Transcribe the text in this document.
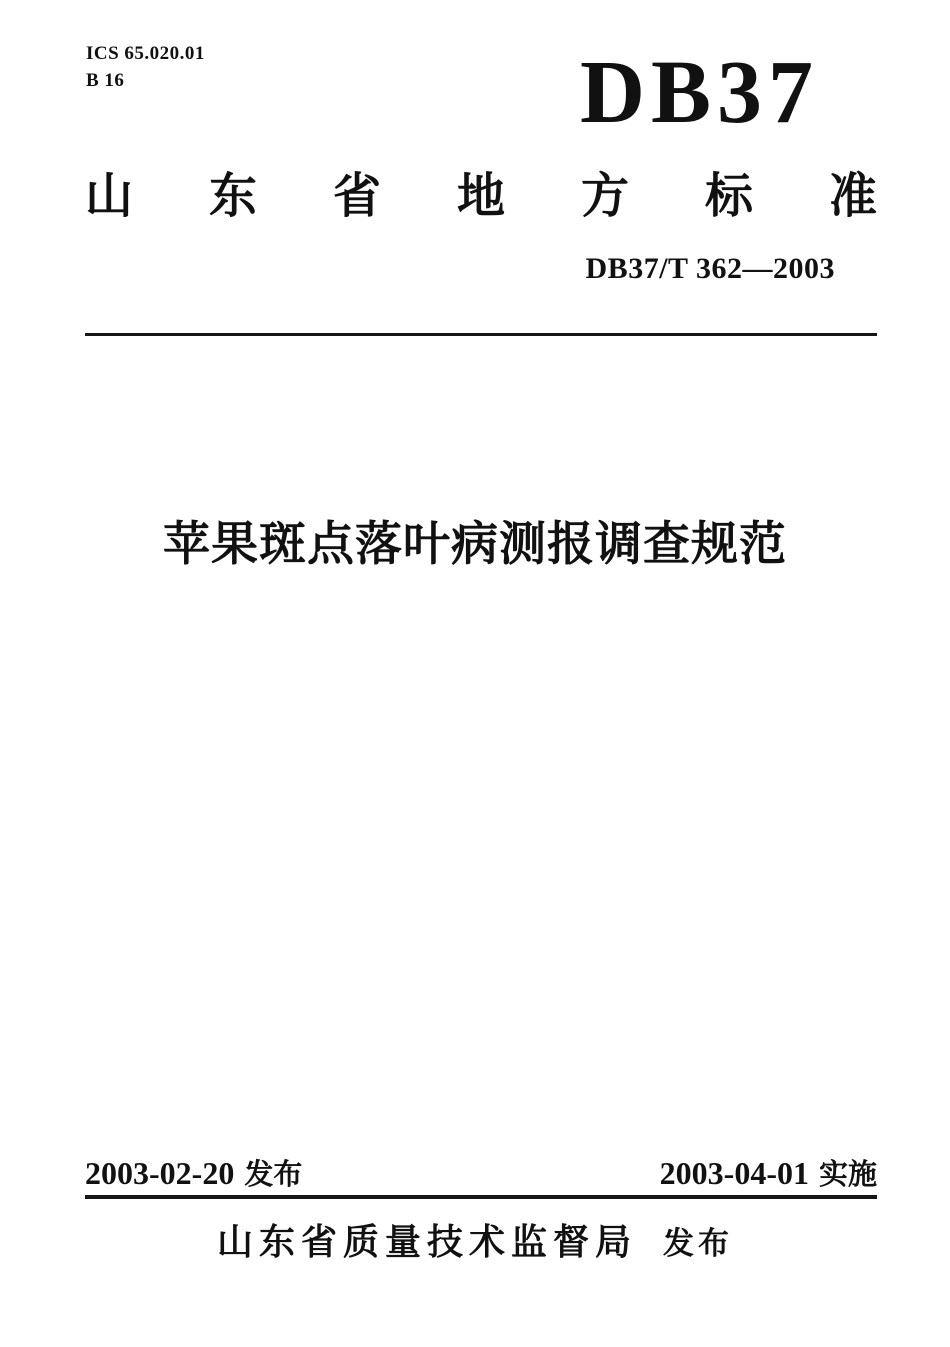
ICS 65.020.01
B 16	DB37
山东省地方标准
DB37/T 362—2003
苹果斑点落叶病测报调查规范
2003-02-20 发布	2003-04-01 实施
山东省质量技术监督局 发布
